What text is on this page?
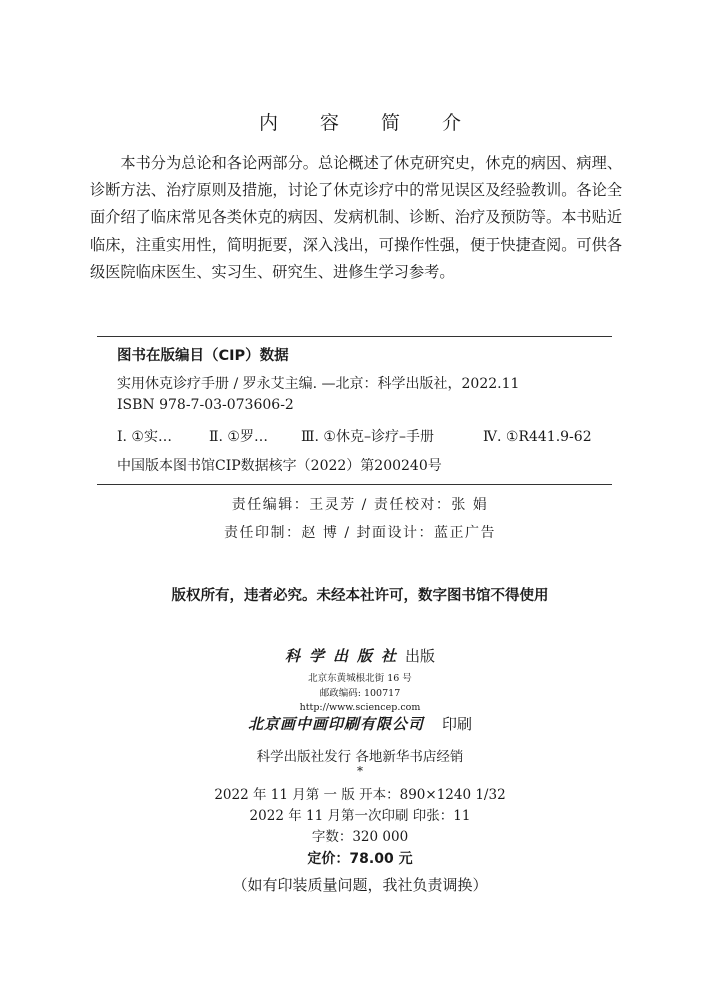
内 容 简 介

本书分为总论和各论两部分。总论概述了休克研究史，休克的病因、病理、诊断方法、治疗原则及措施，讨论了休克诊疗中的常见误区及经验教训。各论全面介绍了临床常见各类休克的病因、发病机制、诊断、治疗及预防等。本书贴近临床，注重实用性，简明扼要，深入浅出，可操作性强，便于快捷查阅。可供各级医院临床医生、实习生、研究生、进修生学习参考。

图书在版编目（CIP）数据
实用休克诊疗手册 / 罗永艾主编. —北京：科学出版社，2022.11
ISBN 978-7-03-073606-2
Ⅰ. ①实…	Ⅱ. ①罗…	Ⅲ. ①休克–诊疗–手册	Ⅳ. ①R441.9-62
中国版本图书馆CIP数据核字（2022）第200240号
责任编辑：王灵芳 / 责任校对：张 娟
责任印制：赵 博 / 封面设计：蓝正广告
版权所有，违者必究。未经本社许可，数字图书馆不得使用
科学出版社出版
北京东黄城根北街 16 号
邮政编码: 100717
http://www.sciencep.com
北京画中画印刷有限公司 印刷
科学出版社发行 各地新华书店经销
*
2022 年 11 月第 一 版 开本：890×1240 1/32
2022 年 11 月第一次印刷 印张：11
字数：320 000
定价：78.00 元
（如有印装质量问题，我社负责调换）
